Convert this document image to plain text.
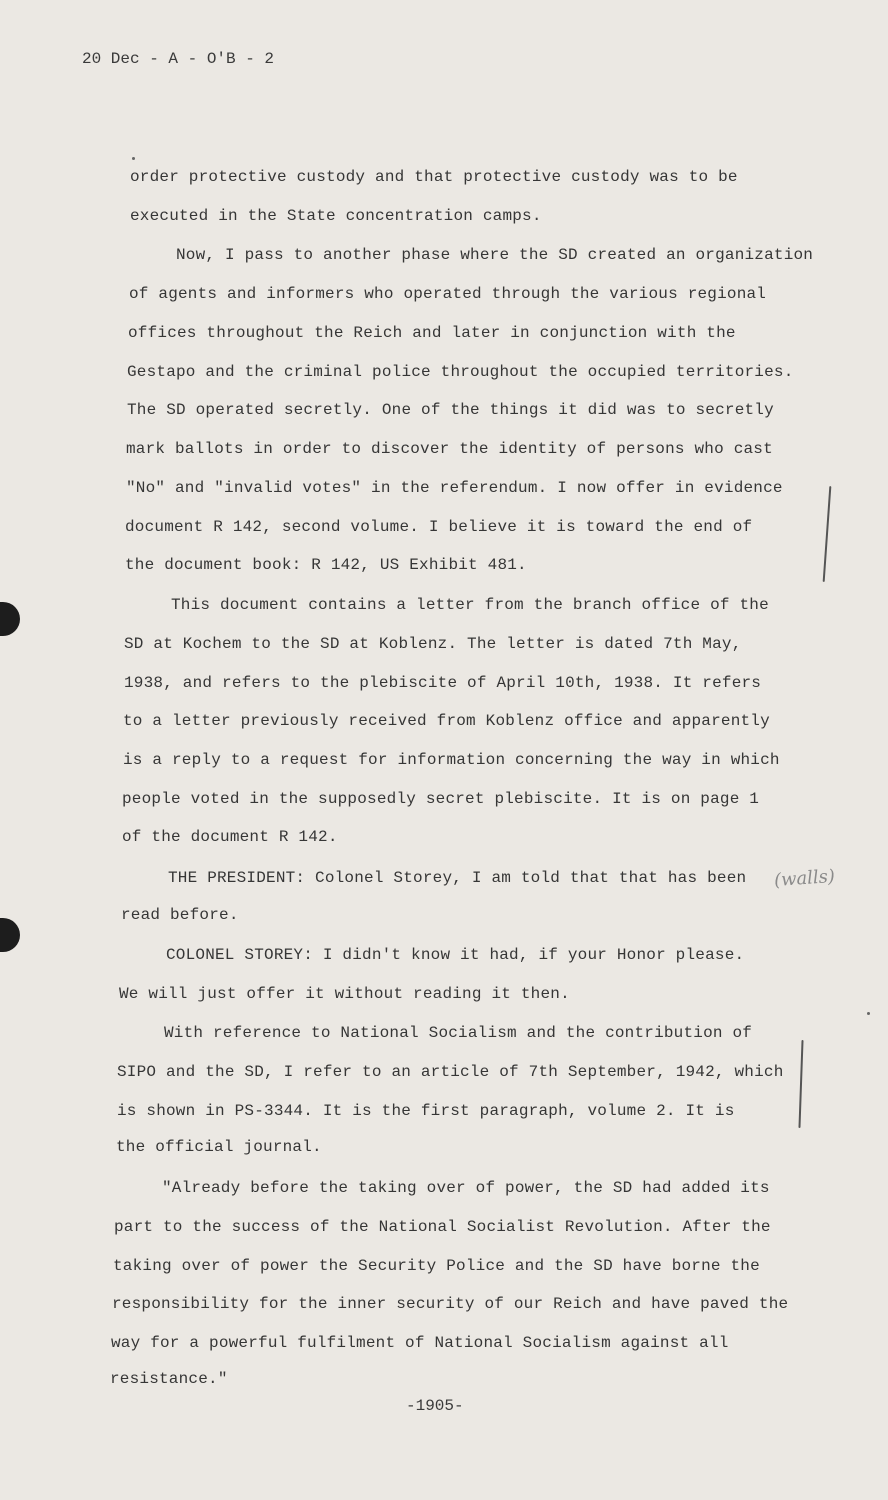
20 Dec - A - O'B - 2
order protective custody and that protective custody was to be
executed in the State concentration camps.
Now, I pass to another phase where the SD created an organization
of agents and informers who operated through the various regional
offices throughout the Reich and later in conjunction with the
Gestapo and the criminal police throughout the occupied territories.
The SD operated secretly. One of the things it did was to secretly
mark ballots in order to discover the identity of persons who cast
"No" and "invalid votes" in the referendum. I now offer in evidence
document R 142, second volume. I believe it is toward the end of
the document book: R 142, US Exhibit 481.
This document contains a letter from the branch office of the
SD at Kochem to the SD at Koblenz. The letter is dated 7th May,
1938, and refers to the plebiscite of April 10th, 1938. It refers
to a letter previously received from Koblenz office and apparently
is a reply to a request for information concerning the way in which
people voted in the supposedly secret plebiscite. It is on page 1
of the document R 142.
THE PRESIDENT: Colonel Storey, I am told that that has been
read before.
COLONEL STOREY: I didn't know it had, if your Honor please.
We will just offer it without reading it then.
With reference to National Socialism and the contribution of
SIPO and the SD, I refer to an article of 7th September, 1942, which
is shown in PS-3344. It is the first paragraph, volume 2. It is
the official journal.
"Already before the taking over of power, the SD had added its
part to the success of the National Socialist Revolution. After the
taking over of power the Security Police and the SD have borne the
responsibility for the inner security of our Reich and have paved the
way for a powerful fulfilment of National Socialism against all
resistance."
-1905-
(walls)
